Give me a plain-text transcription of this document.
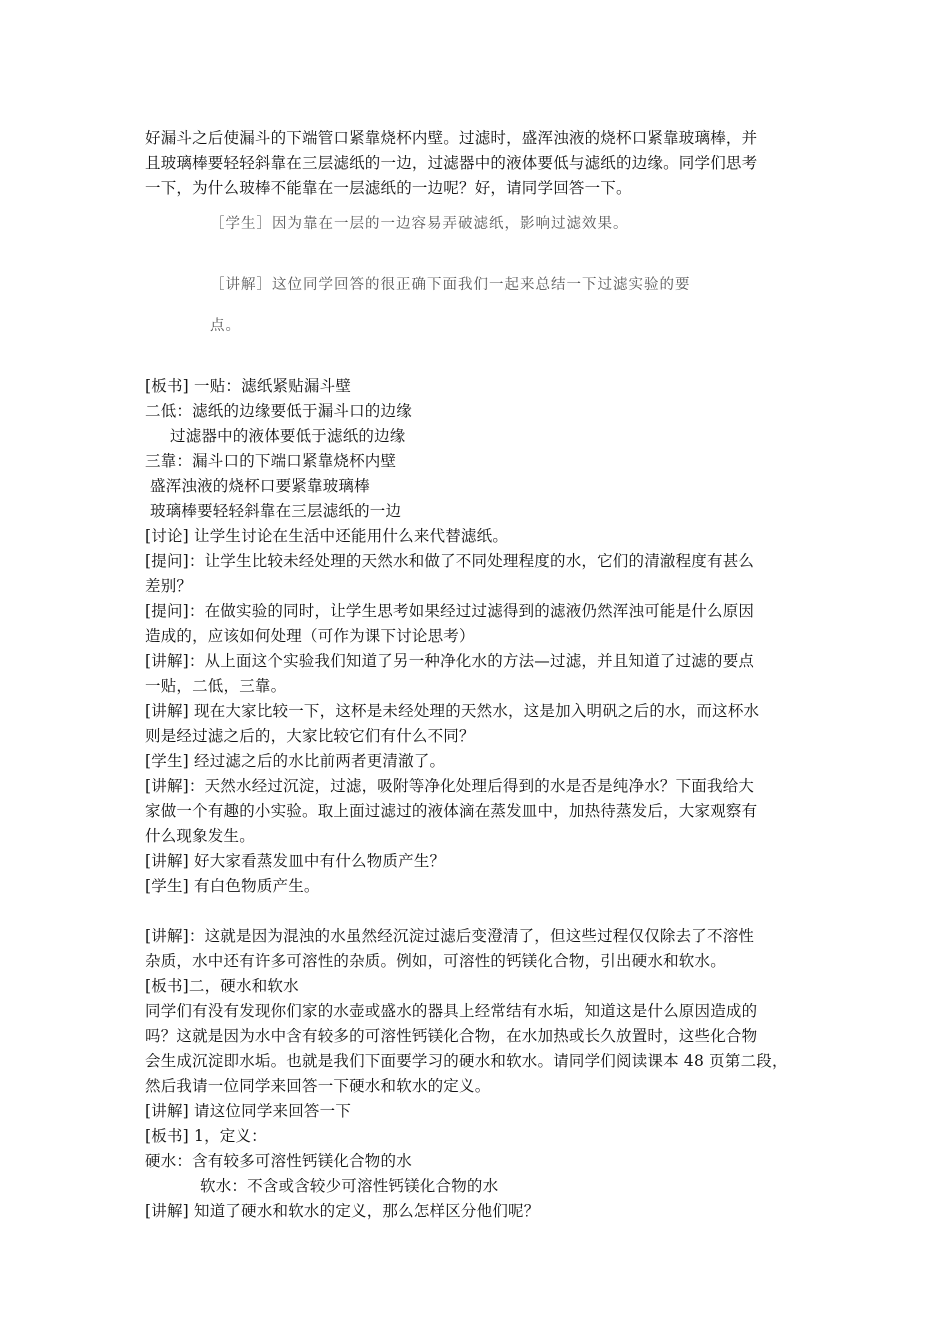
好漏斗之后使漏斗的下端管口紧靠烧杯内壁。过滤时，盛浑浊液的烧杯口紧靠玻璃棒，并
且玻璃棒要轻轻斜靠在三层滤纸的一边，过滤器中的液体要低与滤纸的边缘。同学们思考
一下，为什么玻棒不能靠在一层滤纸的一边呢？好，请同学回答一下。
［学生］因为靠在一层的一边容易弄破滤纸，影响过滤效果。
［讲解］这位同学回答的很正确下面我们一起来总结一下过滤实验的要
点。
[板书] 一贴：滤纸紧贴漏斗壁
二低：滤纸的边缘要低于漏斗口的边缘
过滤器中的液体要低于滤纸的边缘
三靠：漏斗口的下端口紧靠烧杯内壁
盛浑浊液的烧杯口要紧靠玻璃棒
玻璃棒要轻轻斜靠在三层滤纸的一边
[讨论] 让学生讨论在生活中还能用什么来代替滤纸。
[提问]：让学生比较未经处理的天然水和做了不同处理程度的水，它们的清澈程度有甚么
差别？
[提问]：在做实验的同时，让学生思考如果经过过滤得到的滤液仍然浑浊可能是什么原因
造成的，应该如何处理（可作为课下讨论思考）
[讲解]：从上面这个实验我们知道了另一种净化水的方法—过滤，并且知道了过滤的要点
一贴，二低，三靠。
[讲解] 现在大家比较一下，这杯是未经处理的天然水，这是加入明矾之后的水，而这杯水
则是经过滤之后的，大家比较它们有什么不同？
[学生] 经过滤之后的水比前两者更清澈了。
[讲解]：天然水经过沉淀，过滤，吸附等净化处理后得到的水是否是纯净水？下面我给大
家做一个有趣的小实验。取上面过滤过的液体滴在蒸发皿中，加热待蒸发后，大家观察有
什么现象发生。
[讲解] 好大家看蒸发皿中有什么物质产生？
[学生] 有白色物质产生。
[讲解]：这就是因为混浊的水虽然经沉淀过滤后变澄清了，但这些过程仅仅除去了不溶性
杂质，水中还有许多可溶性的杂质。例如，可溶性的钙镁化合物，引出硬水和软水。
[板书]二，硬水和软水
同学们有没有发现你们家的水壶或盛水的器具上经常结有水垢，知道这是什么原因造成的
吗？这就是因为水中含有较多的可溶性钙镁化合物，在水加热或长久放置时，这些化合物
会生成沉淀即水垢。也就是我们下面要学习的硬水和软水。请同学们阅读课本 48 页第二段，
然后我请一位同学来回答一下硬水和软水的定义。
[讲解] 请这位同学来回答一下
[板书] 1，定义：
硬水：含有较多可溶性钙镁化合物的水
软水：不含或含较少可溶性钙镁化合物的水
[讲解] 知道了硬水和软水的定义，那么怎样区分他们呢？
